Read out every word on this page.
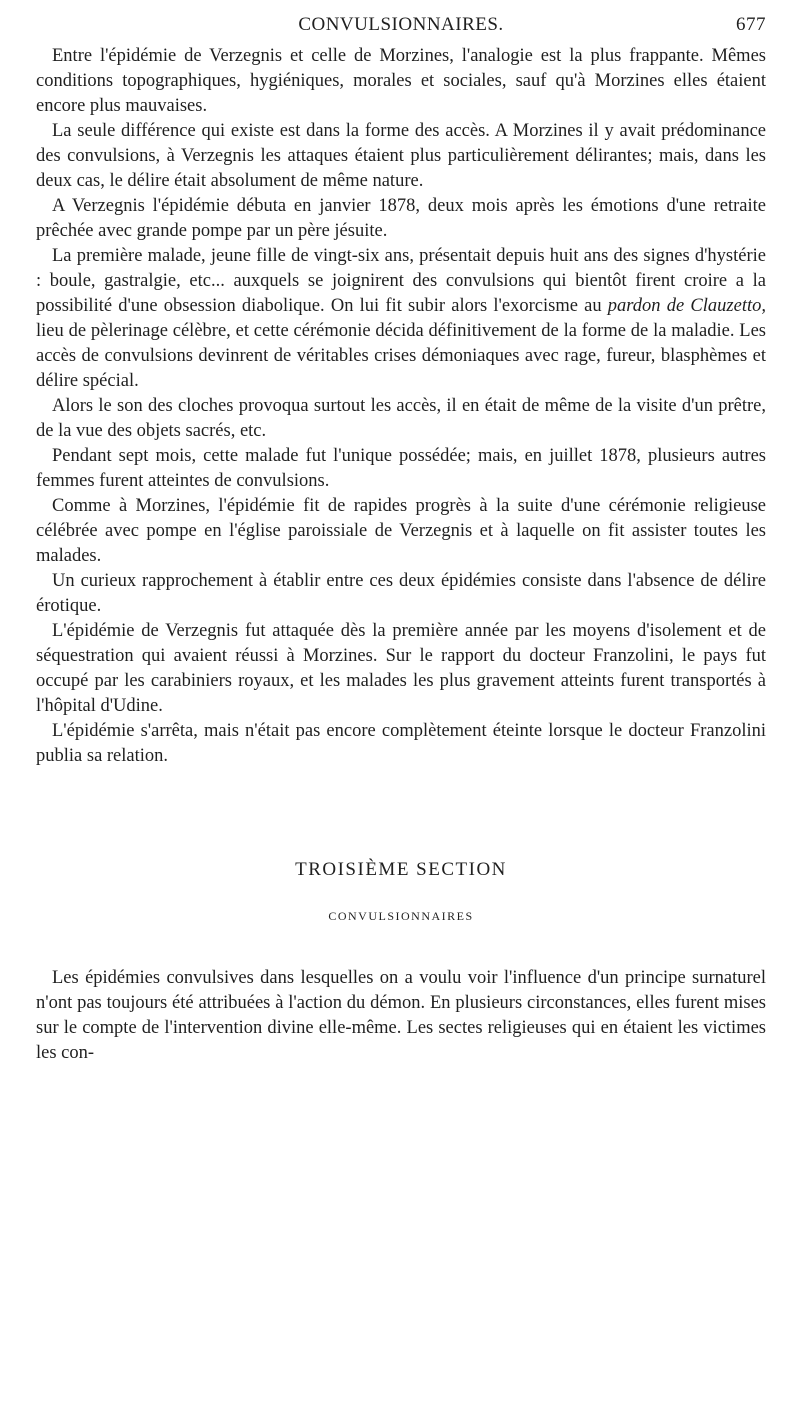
CONVULSIONNAIRES.	677

Entre l'épidémie de Verzegnis et celle de Morzines, l'analogie est la plus frappante. Mêmes conditions topographiques, hygiéniques, morales et sociales, sauf qu'à Morzines elles étaient encore plus mauvaises.

La seule différence qui existe est dans la forme des accès. A Morzines il y avait prédominance des convulsions, à Verzegnis les attaques étaient plus particulièrement délirantes; mais, dans les deux cas, le délire était absolument de même nature.

A Verzegnis l'épidémie débuta en janvier 1878, deux mois après les émotions d'une retraite prêchée avec grande pompe par un père jésuite.

La première malade, jeune fille de vingt-six ans, présentait depuis huit ans des signes d'hystérie : boule, gastralgie, etc... auxquels se joignirent des convulsions qui bientôt firent croire a la possibilité d'une obsession diabolique. On lui fit subir alors l'exorcisme au pardon de Clauzetto, lieu de pèlerinage célèbre, et cette cérémonie décida définitivement de la forme de la maladie. Les accès de convulsions devinrent de véritables crises démoniaques avec rage, fureur, blasphèmes et délire spécial.

Alors le son des cloches provoqua surtout les accès, il en était de même de la visite d'un prêtre, de la vue des objets sacrés, etc.

Pendant sept mois, cette malade fut l'unique possédée; mais, en juillet 1878, plusieurs autres femmes furent atteintes de convulsions.

Comme à Morzines, l'épidémie fit de rapides progrès à la suite d'une cérémonie religieuse célébrée avec pompe en l'église paroissiale de Verzegnis et à laquelle on fit assister toutes les malades.

Un curieux rapprochement à établir entre ces deux épidémies consiste dans l'absence de délire érotique.

L'épidémie de Verzegnis fut attaquée dès la première année par les moyens d'isolement et de séquestration qui avaient réussi à Morzines. Sur le rapport du docteur Franzolini, le pays fut occupé par les carabiniers royaux, et les malades les plus gravement atteints furent transportés à l'hôpital d'Udine.

L'épidémie s'arrêta, mais n'était pas encore complètement éteinte lorsque le docteur Franzolini publia sa relation.

TROISIÈME SECTION
CONVULSIONNAIRES

Les épidémies convulsives dans lesquelles on a voulu voir l'influence d'un principe surnaturel n'ont pas toujours été attribuées à l'action du démon. En plusieurs circonstances, elles furent mises sur le compte de l'intervention divine elle-même. Les sectes religieuses qui en étaient les victimes les con-
